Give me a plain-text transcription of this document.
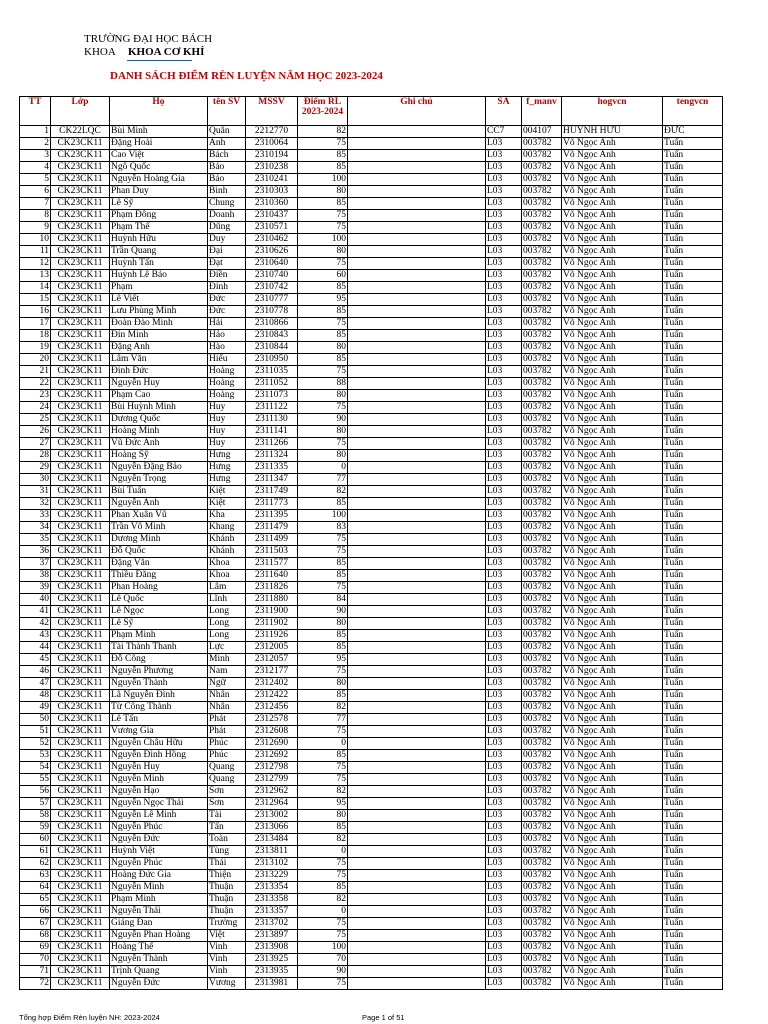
TRƯỜNG ĐẠI HỌC BÁCH KHOA	KHOA CƠ KHÍ
DANH SÁCH ĐIỂM RÈN LUYỆN NĂM HỌC 2023-2024
TT	Lớp	Họ	tên SV	MSSV	Điểm RL 2023-2024	Ghi chú	SA	f_manv	hogvcn	tengvcn
1	CK22LQC	Bùi Minh	Quân	2212770	82		CC7	004107	HUỲNH HỮU	ĐỨC
2	CK23CK11	Đặng Hoài	Anh	2310064	75		L03	003782	Võ Ngọc Anh	Tuấn
3	CK23CK11	Cao Việt	Bách	2310194	85		L03	003782	Võ Ngọc Anh	Tuấn
4	CK23CK11	Ngô Quốc	Bảo	2310238	85		L03	003782	Võ Ngọc Anh	Tuấn
5	CK23CK11	Nguyễn Hoàng Gia	Bảo	2310241	100		L03	003782	Võ Ngọc Anh	Tuấn
6	CK23CK11	Phan Duy	Bình	2310303	80		L03	003782	Võ Ngọc Anh	Tuấn
7	CK23CK11	Lê Sỹ	Chung	2310360	85		L03	003782	Võ Ngọc Anh	Tuấn
8	CK23CK11	Phạm Đông	Doanh	2310437	75		L03	003782	Võ Ngọc Anh	Tuấn
9	CK23CK11	Phạm Thế	Dũng	2310571	75		L03	003782	Võ Ngọc Anh	Tuấn
10	CK23CK11	Huỳnh Hữu	Duy	2310462	100		L03	003782	Võ Ngọc Anh	Tuấn
11	CK23CK11	Trần Quang	Đại	2310626	80		L03	003782	Võ Ngọc Anh	Tuấn
12	CK23CK11	Huỳnh Tấn	Đạt	2310640	75		L03	003782	Võ Ngọc Anh	Tuấn
13	CK23CK11	Huỳnh Lê Bảo	Điền	2310740	60		L03	003782	Võ Ngọc Anh	Tuấn
14	CK23CK11	Phạm	Đính	2310742	85		L03	003782	Võ Ngọc Anh	Tuấn
15	CK23CK11	Lê Viết	Đức	2310777	95		L03	003782	Võ Ngọc Anh	Tuấn
16	CK23CK11	Lưu Phùng Minh	Đức	2310778	85		L03	003782	Võ Ngọc Anh	Tuấn
17	CK23CK11	Đoàn Đào Minh	Hải	2310866	75		L03	003782	Võ Ngọc Anh	Tuấn
18	CK23CK11	Đín Minh	Hảo	2310843	85		L03	003782	Võ Ngọc Anh	Tuấn
19	CK23CK11	Đặng Anh	Hào	2310844	80		L03	003782	Võ Ngọc Anh	Tuấn
20	CK23CK11	Lâm Văn	Hiếu	2310950	85		L03	003782	Võ Ngọc Anh	Tuấn
21	CK23CK11	Đinh Đức	Hoàng	2311035	75		L03	003782	Võ Ngọc Anh	Tuấn
22	CK23CK11	Nguyễn Huy	Hoàng	2311052	88		L03	003782	Võ Ngọc Anh	Tuấn
23	CK23CK11	Phạm Cao	Hoàng	2311073	80		L03	003782	Võ Ngọc Anh	Tuấn
24	CK23CK11	Bùi Huỳnh Minh	Huy	2311122	75		L03	003782	Võ Ngọc Anh	Tuấn
25	CK23CK11	Dương Quốc	Huy	2311130	90		L03	003782	Võ Ngọc Anh	Tuấn
26	CK23CK11	Hoàng Minh	Huy	2311141	80		L03	003782	Võ Ngọc Anh	Tuấn
27	CK23CK11	Vũ Đức Anh	Huy	2311266	75		L03	003782	Võ Ngọc Anh	Tuấn
28	CK23CK11	Hoàng Sỹ	Hưng	2311324	80		L03	003782	Võ Ngọc Anh	Tuấn
29	CK23CK11	Nguyễn Đặng Bảo	Hưng	2311335	0		L03	003782	Võ Ngọc Anh	Tuấn
30	CK23CK11	Nguyễn Trọng	Hưng	2311347	77		L03	003782	Võ Ngọc Anh	Tuấn
31	CK23CK11	Bùi Tuấn	Kiệt	2311749	82		L03	003782	Võ Ngọc Anh	Tuấn
32	CK23CK11	Nguyễn Anh	Kiệt	2311773	85		L03	003782	Võ Ngọc Anh	Tuấn
33	CK23CK11	Phan Xuân Vũ	Kha	2311395	100		L03	003782	Võ Ngọc Anh	Tuấn
34	CK23CK11	Trần Võ Minh	Khang	2311479	83		L03	003782	Võ Ngọc Anh	Tuấn
35	CK23CK11	Dương Minh	Khánh	2311499	75		L03	003782	Võ Ngọc Anh	Tuấn
36	CK23CK11	Đỗ Quốc	Khánh	2311503	75		L03	003782	Võ Ngọc Anh	Tuấn
37	CK23CK11	Đặng Văn	Khoa	2311577	85		L03	003782	Võ Ngọc Anh	Tuấn
38	CK23CK11	Thiều Đăng	Khoa	2311640	85		L03	003782	Võ Ngọc Anh	Tuấn
39	CK23CK11	Phan Hoàng	Lâm	2311826	75		L03	003782	Võ Ngọc Anh	Tuấn
40	CK23CK11	Lê Quốc	Lĩnh	2311880	84		L03	003782	Võ Ngọc Anh	Tuấn
41	CK23CK11	Lê Ngọc	Long	2311900	90		L03	003782	Võ Ngọc Anh	Tuấn
42	CK23CK11	Lê Sỹ	Long	2311902	80		L03	003782	Võ Ngọc Anh	Tuấn
43	CK23CK11	Phạm Minh	Long	2311926	85		L03	003782	Võ Ngọc Anh	Tuấn
44	CK23CK11	Tài Thành Thanh	Lực	2312005	85		L03	003782	Võ Ngọc Anh	Tuấn
45	CK23CK11	Đỗ Công	Minh	2312057	95		L03	003782	Võ Ngọc Anh	Tuấn
46	CK23CK11	Nguyễn Phương	Nam	2312177	75		L03	003782	Võ Ngọc Anh	Tuấn
47	CK23CK11	Nguyễn Thành	Ngữ	2312402	80		L03	003782	Võ Ngọc Anh	Tuấn
48	CK23CK11	Lã Nguyễn Đình	Nhân	2312422	85		L03	003782	Võ Ngọc Anh	Tuấn
49	CK23CK11	Từ Công Thành	Nhân	2312456	82		L03	003782	Võ Ngọc Anh	Tuấn
50	CK23CK11	Lê Tấn	Phát	2312578	77		L03	003782	Võ Ngọc Anh	Tuấn
51	CK23CK11	Vương Gia	Phát	2312608	75		L03	003782	Võ Ngọc Anh	Tuấn
52	CK23CK11	Nguyễn Châu Hữu	Phúc	2312690	0		L03	003782	Võ Ngọc Anh	Tuấn
53	CK23CK11	Nguyễn Đình Hồng	Phúc	2312692	85		L03	003782	Võ Ngọc Anh	Tuấn
54	CK23CK11	Nguyễn Huy	Quang	2312798	75		L03	003782	Võ Ngọc Anh	Tuấn
55	CK23CK11	Nguyễn Minh	Quang	2312799	75		L03	003782	Võ Ngọc Anh	Tuấn
56	CK23CK11	Nguyễn Hạo	Sơn	2312962	82		L03	003782	Võ Ngọc Anh	Tuấn
57	CK23CK11	Nguyễn Ngọc Thái	Sơn	2312964	95		L03	003782	Võ Ngọc Anh	Tuấn
58	CK23CK11	Nguyễn Lê Minh	Tài	2313002	80		L03	003782	Võ Ngọc Anh	Tuấn
59	CK23CK11	Nguyễn Phúc	Tấn	2313066	85		L03	003782	Võ Ngọc Anh	Tuấn
60	CK23CK11	Nguyễn Đức	Toàn	2313484	82		L03	003782	Võ Ngọc Anh	Tuấn
61	CK23CK11	Huỳnh Việt	Tùng	2313811	0		L03	003782	Võ Ngọc Anh	Tuấn
62	CK23CK11	Nguyễn Phúc	Thái	2313102	75		L03	003782	Võ Ngọc Anh	Tuấn
63	CK23CK11	Hoàng Đức Gia	Thiện	2313229	75		L03	003782	Võ Ngọc Anh	Tuấn
64	CK23CK11	Nguyễn Minh	Thuận	2313354	85		L03	003782	Võ Ngọc Anh	Tuấn
65	CK23CK11	Phạm Minh	Thuận	2313358	82		L03	003782	Võ Ngọc Anh	Tuấn
66	CK23CK11	Nguyễn Thái	Thuận	2313357	0		L03	003782	Võ Ngọc Anh	Tuấn
67	CK23CK11	Giảng Đan	Trường	2313702	75		L03	003782	Võ Ngọc Anh	Tuấn
68	CK23CK11	Nguyễn Phan Hoàng	Việt	2313897	75		L03	003782	Võ Ngọc Anh	Tuấn
69	CK23CK11	Hoàng Thế	Vinh	2313908	100		L03	003782	Võ Ngọc Anh	Tuấn
70	CK23CK11	Nguyễn Thành	Vinh	2313925	70		L03	003782	Võ Ngọc Anh	Tuấn
71	CK23CK11	Trịnh Quang	Vinh	2313935	90		L03	003782	Võ Ngọc Anh	Tuấn
72	CK23CK11	Nguyễn Đức	Vương	2313981	75		L03	003782	Võ Ngọc Anh	Tuấn
Tổng hợp Điểm Rèn luyện NH: 2023-2024	Page 1 of 51
